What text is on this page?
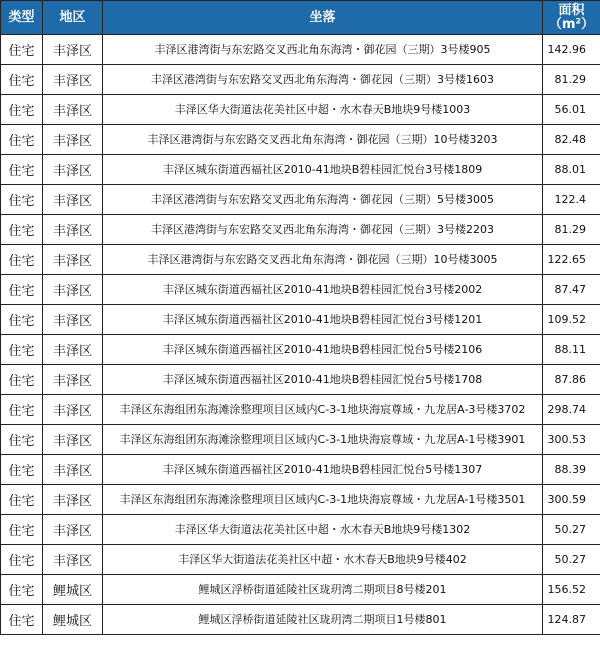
类型	地区	坐落	面积
（m²）
住宅	丰泽区	丰泽区港湾街与东宏路交叉西北角东海湾・御花园（三期）3号楼905	142.96
住宅	丰泽区	丰泽区港湾街与东宏路交叉西北角东海湾・御花园（三期）3号楼1603	81.29
住宅	丰泽区	丰泽区华大街道法花美社区中超・水木春天B地块9号楼1003	56.01
住宅	丰泽区	丰泽区港湾街与东宏路交叉西北角东海湾・御花园（三期）10号楼3203	82.48
住宅	丰泽区	丰泽区城东街道西福社区2010-41地块B碧桂园汇悦台3号楼1809	88.01
住宅	丰泽区	丰泽区港湾街与东宏路交叉西北角东海湾・御花园（三期）5号楼3005	122.4
住宅	丰泽区	丰泽区港湾街与东宏路交叉西北角东海湾・御花园（三期）3号楼2203	81.29
住宅	丰泽区	丰泽区港湾街与东宏路交叉西北角东海湾・御花园（三期）10号楼3005	122.65
住宅	丰泽区	丰泽区城东街道西福社区2010-41地块B碧桂园汇悦台3号楼2002	87.47
住宅	丰泽区	丰泽区城东街道西福社区2010-41地块B碧桂园汇悦台3号楼1201	109.52
住宅	丰泽区	丰泽区城东街道西福社区2010-41地块B碧桂园汇悦台5号楼2106	88.11
住宅	丰泽区	丰泽区城东街道西福社区2010-41地块B碧桂园汇悦台5号楼1708	87.86
住宅	丰泽区	丰泽区东海组团东海滩涂整理项目区域内C-3-1地块海宸尊域・九龙居A-3号楼3702	298.74
住宅	丰泽区	丰泽区东海组团东海滩涂整理项目区域内C-3-1地块海宸尊域・九龙居A-1号楼3901	300.53
住宅	丰泽区	丰泽区城东街道西福社区2010-41地块B碧桂园汇悦台5号楼1307	88.39
住宅	丰泽区	丰泽区东海组团东海滩涂整理项目区域内C-3-1地块海宸尊域・九龙居A-1号楼3501	300.59
住宅	丰泽区	丰泽区华大街道法花美社区中超・水木春天B地块9号楼1302	50.27
住宅	丰泽区	丰泽区华大街道法花美社区中超・水木春天B地块9号楼402	50.27
住宅	鲤城区	鲤城区浮桥街道延陵社区珑玥湾二期项目8号楼201	156.52
住宅	鲤城区	鲤城区浮桥街道延陵社区珑玥湾二期项目1号楼801	124.87
